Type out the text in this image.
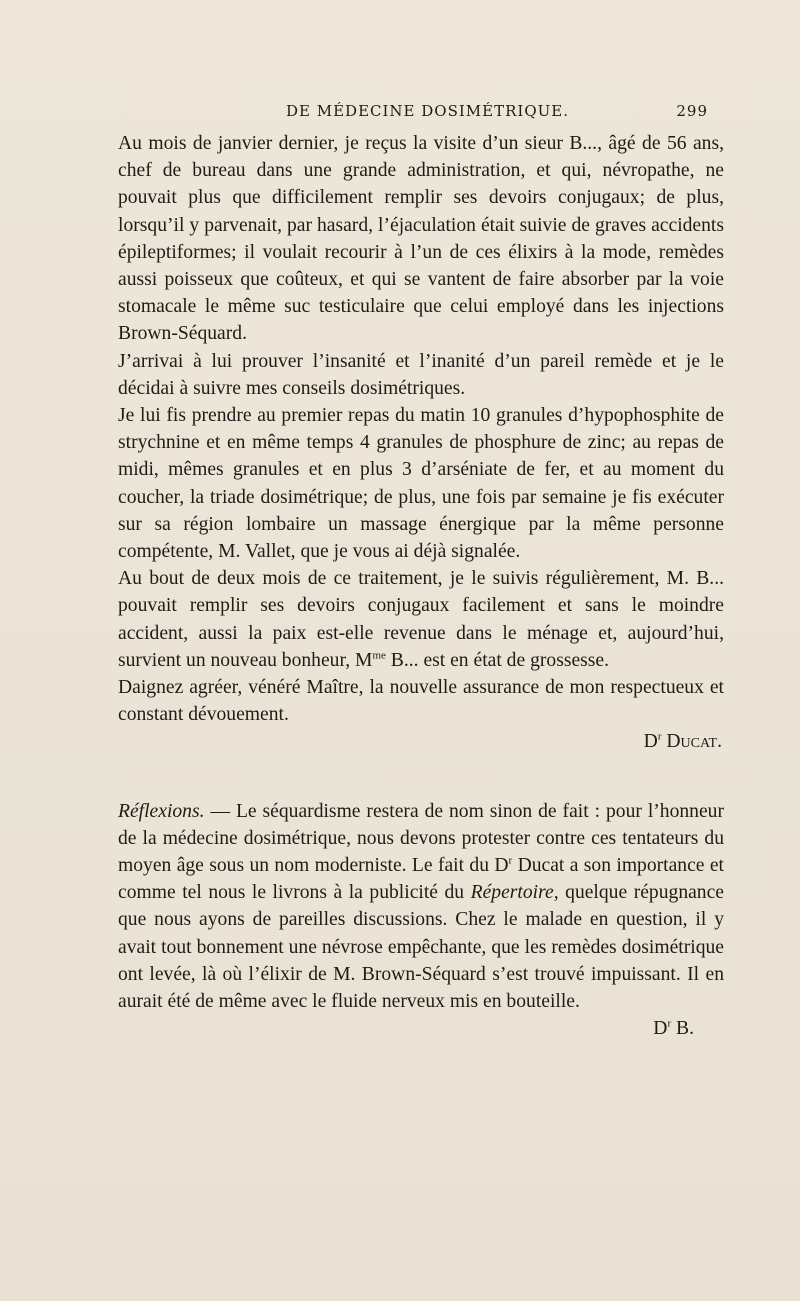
DE MÉDECINE DOSIMÉTRIQUE.	299

Au mois de janvier dernier, je reçus la visite d’un sieur B..., âgé de 56 ans, chef de bureau dans une grande administration, et qui, névropathe, ne pouvait plus que difficilement remplir ses devoirs conjugaux; de plus, lorsqu’il y parvenait, par hasard, l’éjaculation était suivie de graves accidents épileptiformes; il voulait recourir à l’un de ces élixirs à la mode, remèdes aussi poisseux que coûteux, et qui se vantent de faire absorber par la voie stomacale le même suc testiculaire que celui employé dans les injections Brown-Séquard.

J’arrivai à lui prouver l’insanité et l’inanité d’un pareil remède et je le décidai à suivre mes conseils dosimétriques.

Je lui fis prendre au premier repas du matin 10 granules d’hypophosphite de strychnine et en même temps 4 granules de phosphure de zinc; au repas de midi, mêmes granules et en plus 3 d’arséniate de fer, et au moment du coucher, la triade dosimétrique; de plus, une fois par semaine je fis exécuter sur sa région lombaire un massage énergique par la même personne compétente, M. Vallet, que je vous ai déjà signalée.

Au bout de deux mois de ce traitement, je le suivis régulièrement, M. B... pouvait remplir ses devoirs conjugaux facilement et sans le moindre accident, aussi la paix est-elle revenue dans le ménage et, aujourd’hui, survient un nouveau bonheur, $M^{me}$ B... est en état de grossesse.

Daignez agréer, vénéré Maître, la nouvelle assurance de mon respectueux et constant dévouement.

$D^r$ Ducat.

Réflexions. — Le séquardisme restera de nom sinon de fait : pour l’honneur de la médecine dosimétrique, nous devons protester contre ces tentateurs du moyen âge sous un nom moderniste. Le fait du $D^r$ Ducat a son importance et comme tel nous le livrons à la publicité du Répertoire, quelque répugnance que nous ayons de pareilles discussions. Chez le malade en question, il y avait tout bonnement une névrose empêchante, que les remèdes dosimétrique ont levée, là où l’élixir de M. Brown-Séquard s’est trouvé impuissant. Il en aurait été de même avec le fluide nerveux mis en bouteille.

$D^r$ B.
